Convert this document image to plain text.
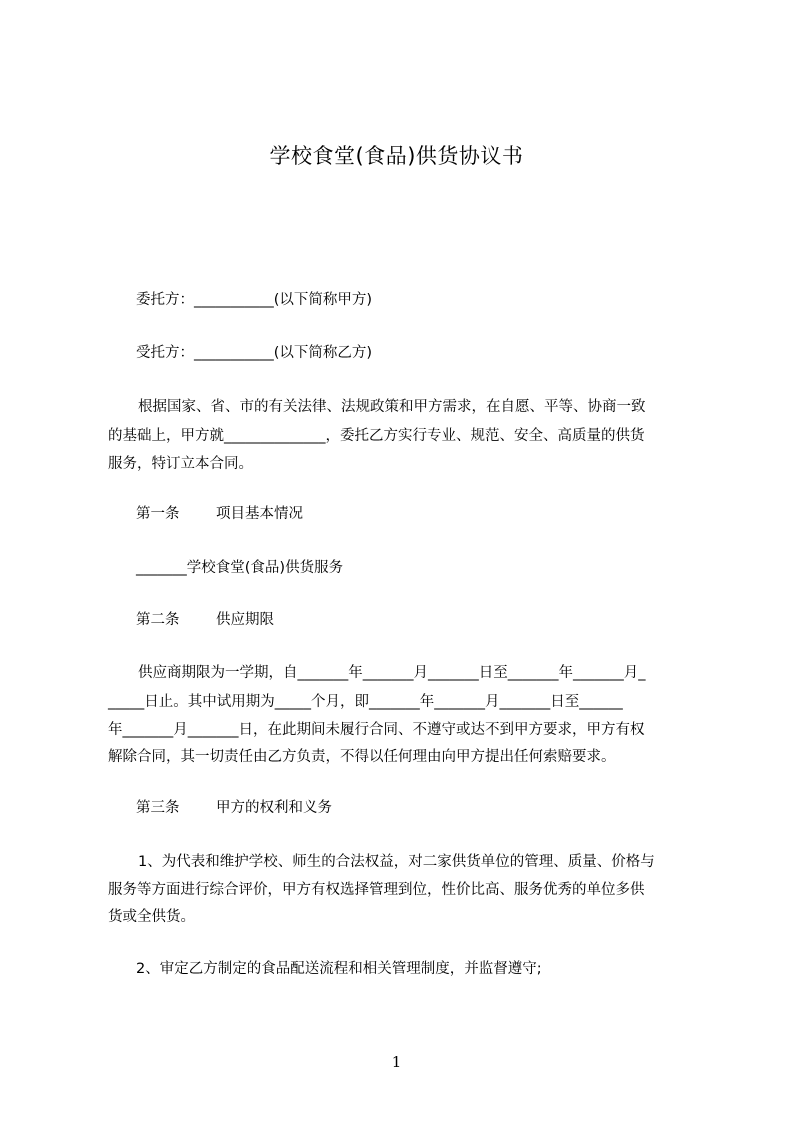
学校食堂(食品)供货协议书
委托方：___________(以下简称甲方)
受托方：___________(以下简称乙方)
根据国家、省、市的有关法律、法规政策和甲方需求，在自愿、平等、协商一致
的基础上，甲方就______________，委托乙方实行专业、规范、安全、高质量的供货
服务，特订立本合同。
第一条	项目基本情况
_______学校食堂(食品)供货服务
第二条	供应期限
供应商期限为一学期，自_______年_______月_______日至_______年_______月_
_____日止。其中试用期为_____个月，即_______年_______月_______日至______
年_______月_______日，在此期间未履行合同、不遵守或达不到甲方要求，甲方有权
解除合同，其一切责任由乙方负责，不得以任何理由向甲方提出任何索赔要求。
第三条	甲方的权利和义务
1、为代表和维护学校、师生的合法权益，对二家供货单位的管理、质量、价格与
服务等方面进行综合评价，甲方有权选择管理到位，性价比高、服务优秀的单位多供
货或全供货。
2、审定乙方制定的食品配送流程和相关管理制度，并监督遵守;
1
